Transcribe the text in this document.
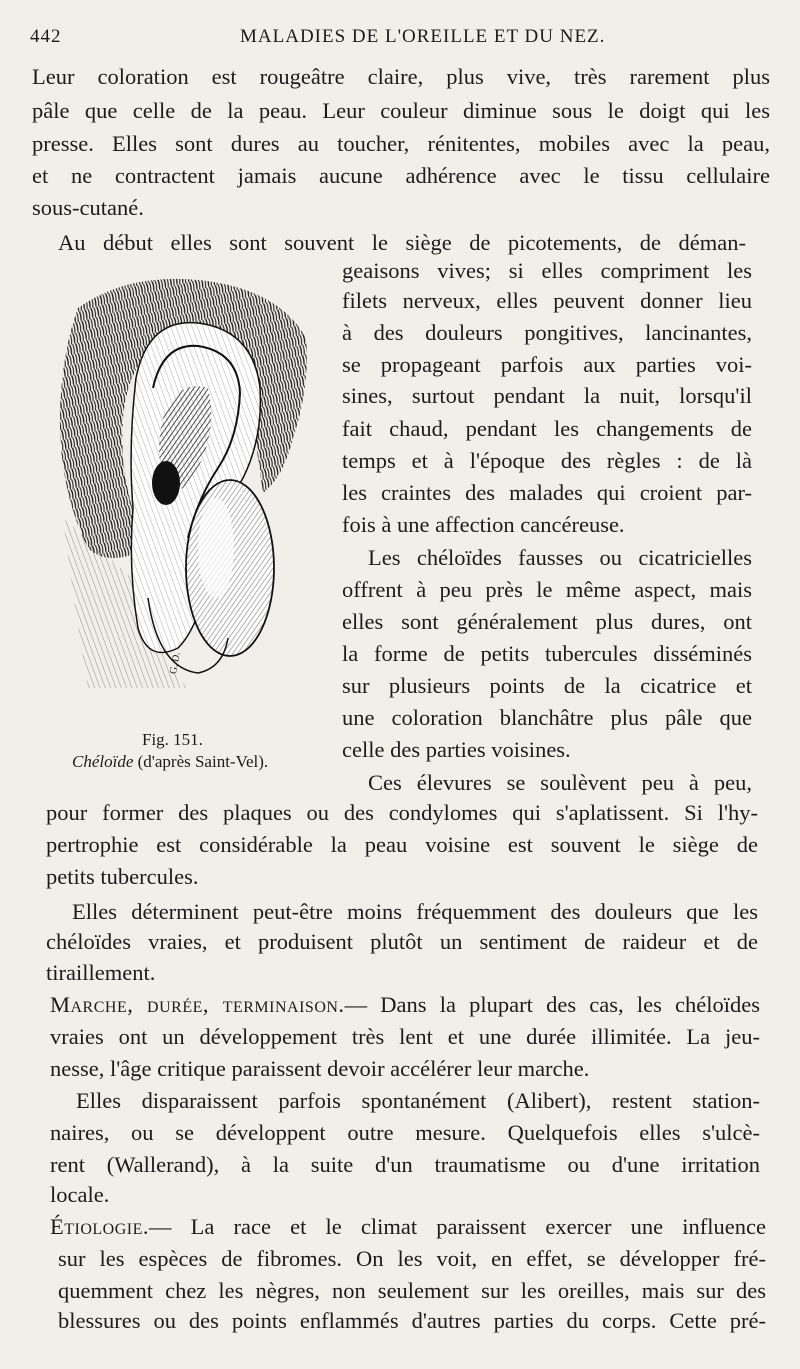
442	MALADIES DE L'OREILLE ET DU NEZ.
Leur coloration est rougeâtre claire, plus vive, très rarement plus
pâle que celle de la peau. Leur couleur diminue sous le doigt qui les
presse. Elles sont dures au toucher, rénitentes, mobiles avec la peau,
et ne contractent jamais aucune adhérence avec le tissu cellulaire
sous-cutané.
Au début elles sont souvent le siège de picotements, de déman-
geaisons vives; si elles compriment les
filets nerveux, elles peuvent donner lieu
à des douleurs pongitives, lancinantes,
se propageant parfois aux parties voi-
sines, surtout pendant la nuit, lorsqu'il
fait chaud, pendant les changements de
temps et à l'époque des règles : de là
les craintes des malades qui croient par-
fois à une affection cancéreuse.
Les chéloïdes fausses ou cicatricielles
offrent à peu près le même aspect, mais
elles sont généralement plus dures, ont
la forme de petits tubercules disséminés
sur plusieurs points de la cicatrice et
une coloration blanchâtre plus pâle que
celle des parties voisines.
Ces élevures se soulèvent peu à peu,
pour former des plaques ou des condylomes qui s'aplatissent. Si l'hy-
pertrophie est considérable la peau voisine est souvent le siège de
petits tubercules.
Elles déterminent peut-être moins fréquemment des douleurs que les
chéloïdes vraies, et produisent plutôt un sentiment de raideur et de
tiraillement.
Marche, durée, terminaison.— Dans la plupart des cas, les chéloïdes
vraies ont un développement très lent et une durée illimitée. La jeu-
nesse, l'âge critique paraissent devoir accélérer leur marche.
Elles disparaissent parfois spontanément (Alibert), restent station-
naires, ou se développent outre mesure. Quelquefois elles s'ulcè-
rent (Wallerand), à la suite d'un traumatisme ou d'une irritation
locale.
Étiologie.— La race et le climat paraissent exercer une influence
sur les espèces de fibromes. On les voit, en effet, se développer fré-
quemment chez les nègres, non seulement sur les oreilles, mais sur des
blessures ou des points enflammés d'autres parties du corps. Cette pré-
G. D.
Fig. 151.
Chéloïde (d'après Saint-Vel).
